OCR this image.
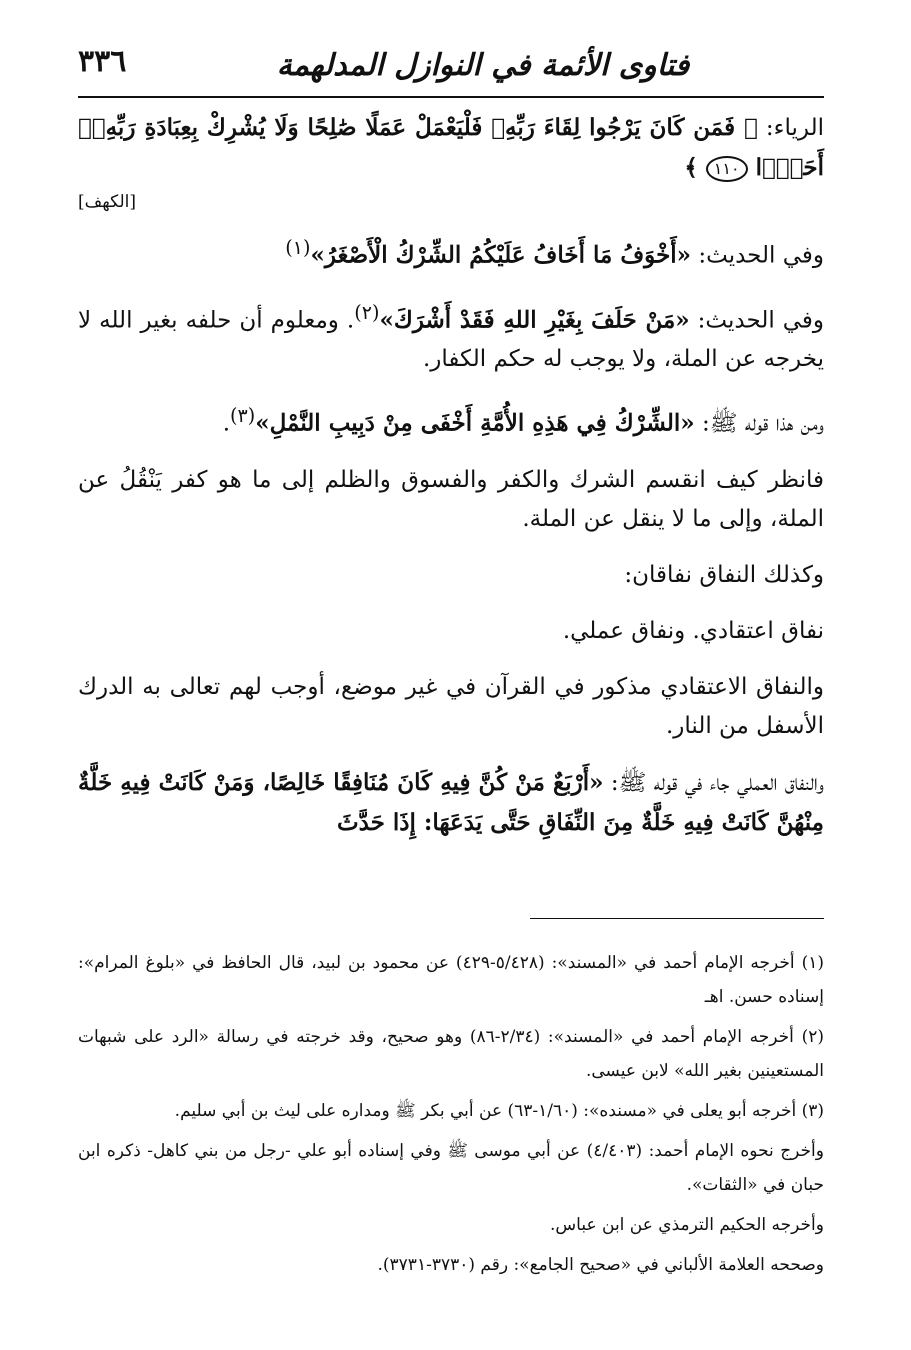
٣٣٦	فتاوى الأئمة في النوازل المدلهمة

الرياء: ﴿ فَمَن كَانَ يَرْجُوا لِقَاءَ رَبِّهِۦ فَلْيَعْمَلْ عَمَلًا صَٰلِحًا وَلَا يُشْرِكْ بِعِبَادَةِ رَبِّهِۦٓ أَحَدًۢا ١١٠ ﴾
[الكهف]

وفي الحديث: «أَخْوَفُ مَا أَخَافُ عَلَيْكُمُ الشِّرْكُ الْأَصْغَرُ»$^{(١)}$

وفي الحديث: «مَنْ حَلَفَ بِغَيْرِ اللهِ فَقَدْ أَشْرَكَ»$^{(٢)}$. ومعلوم أن حلفه بغير الله لا يخرجه عن الملة، ولا يوجب له حكم الكفار.

ومن هذا قوله ﷺ: «الشِّرْكُ فِي هَذِهِ الأُمَّةِ أَخْفَى مِنْ دَبِيبِ النَّمْلِ»$^{(٣)}$.

فانظر كيف انقسم الشرك والكفر والفسوق والظلم إلى ما هو كفر يَنْقُلُ عن الملة، وإلى ما لا ينقل عن الملة.

وكذلك النفاق نفاقان:

نفاق اعتقادي. ونفاق عملي.

والنفاق الاعتقادي مذكور في القرآن في غير موضع، أوجب لهم تعالى به الدرك الأسفل من النار.

والنفاق العملي جاء في قوله ﷺ: «أَرْبَعٌ مَنْ كُنَّ فِيهِ كَانَ مُنَافِقًا خَالِصًا، وَمَنْ كَانَتْ فِيهِ خَلَّةٌ مِنْهُنَّ كَانَتْ فِيهِ خَلَّةٌ مِنَ النِّفَاقِ حَتَّى يَدَعَهَا: إِذَا حَدَّثَ

(١) أخرجه الإمام أحمد في «المسند»: (٥/٤٢٨-٤٢٩) عن محمود بن لبيد، قال الحافظ في «بلوغ المرام»: إسناده حسن. اهـ

(٢) أخرجه الإمام أحمد في «المسند»: (٢/٣٤-٨٦) وهو صحيح، وقد خرجته في رسالة «الرد على شبهات المستعينين بغير الله» لابن عيسى.

(٣) أخرجه أبو يعلى في «مسنده»: (١/٦٠-٦٣) عن أبي بكر ﷺ ومداره على ليث بن أبي سليم.

وأخرج نحوه الإمام أحمد: (٤/٤٠٣) عن أبي موسى ﷺ وفي إسناده أبو علي -رجل من بني كاهل- ذكره ابن حبان في «الثقات».

وأخرجه الحكيم الترمذي عن ابن عباس.

وصححه العلامة الألباني في «صحيح الجامع»: رقم (٣٧٣٠-٣٧٣١).
